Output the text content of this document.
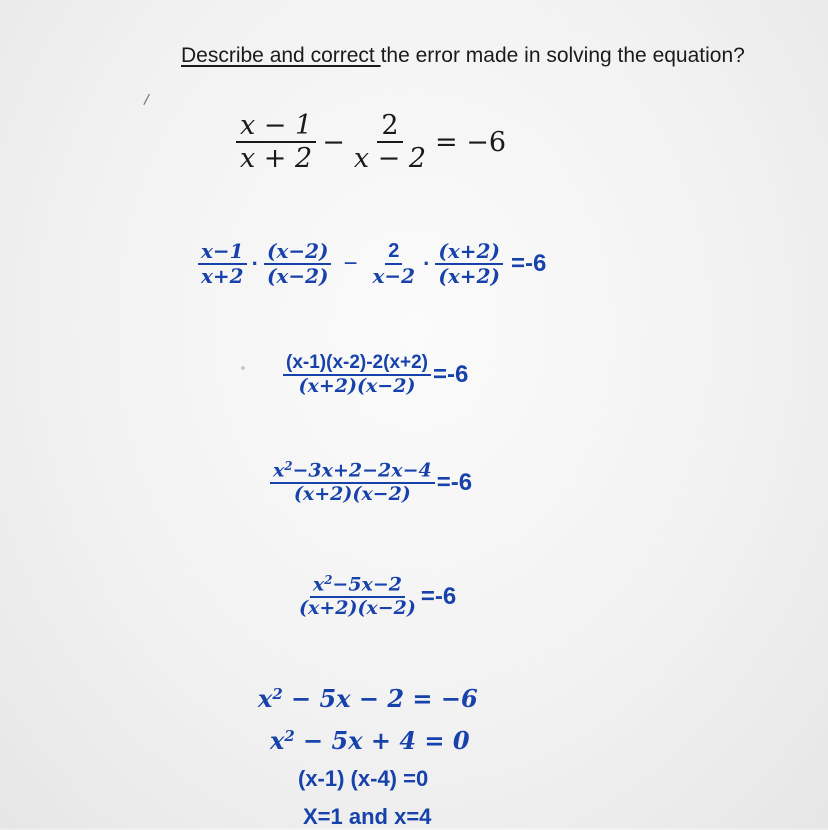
Describe and correct the error made in solving the equation?
/
$\frac{x - 1}{x + 2} - \frac{2}{x - 2} = -6$
$\frac{x-1}{x+2} \cdot \frac{(x-2)}{(x-2)} - \frac{2}{x-2} \cdot \frac{(x+2)}{(x+2)} =-6$
$\frac{(x-1)(x-2)-2(x+2)}{(x+2)(x-2)} =-6$
$\frac{x^2-3x+2-2x-4}{(x+2)(x-2)} =-6$
$\frac{x^2-5x-2}{(x+2)(x-2)} =-6$
$x^2 - 5x - 2 = -6$
$x^2 - 5x + 4 = 0$
(x-1) (x-4) =0
X=1 and x=4
